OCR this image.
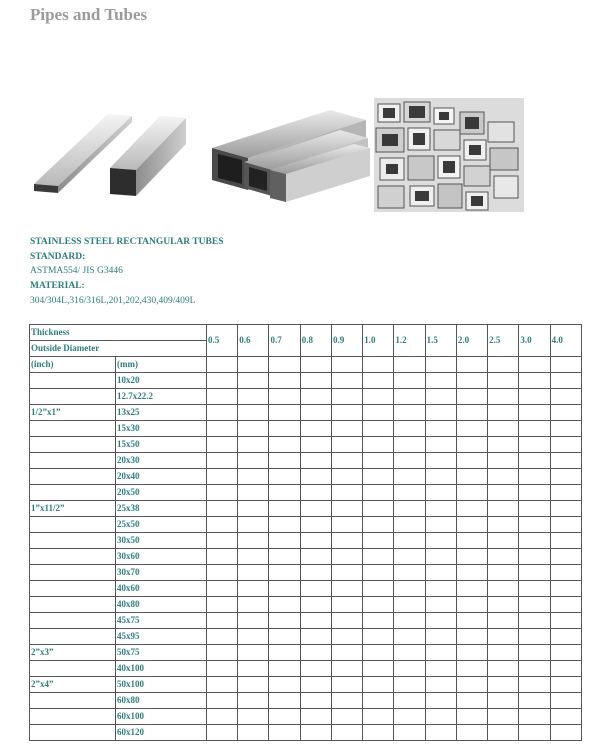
Pipes and Tubes
STAINLESS STEEL RECTANGULAR TUBES
STANDARD:
ASTMA554/ JIS G3446
MATERIAL:
304/304L,316/316L,201,202,430,409/409L
Thickness		0.5	0.6	0.7	0.8	0.9	1.0	1.2	1.5	2.0	2.5	3.0	4.0
Outside Diameter													
(inch)	(mm)												
	10x20												
	12.7x22.2												
1/2”x1”	13x25												
	15x30												
	15x50												
	20x30												
	20x40												
	20x50												
1”x11/2”	25x38												
	25x50												
	30x50												
	30x60												
	30x70												
	40x60												
	40x80												
	45x75												
	45x95												
2”x3”	50x75												
	40x100												
2”x4”	50x100												
	60x80												
	60x100												
	60x120												
